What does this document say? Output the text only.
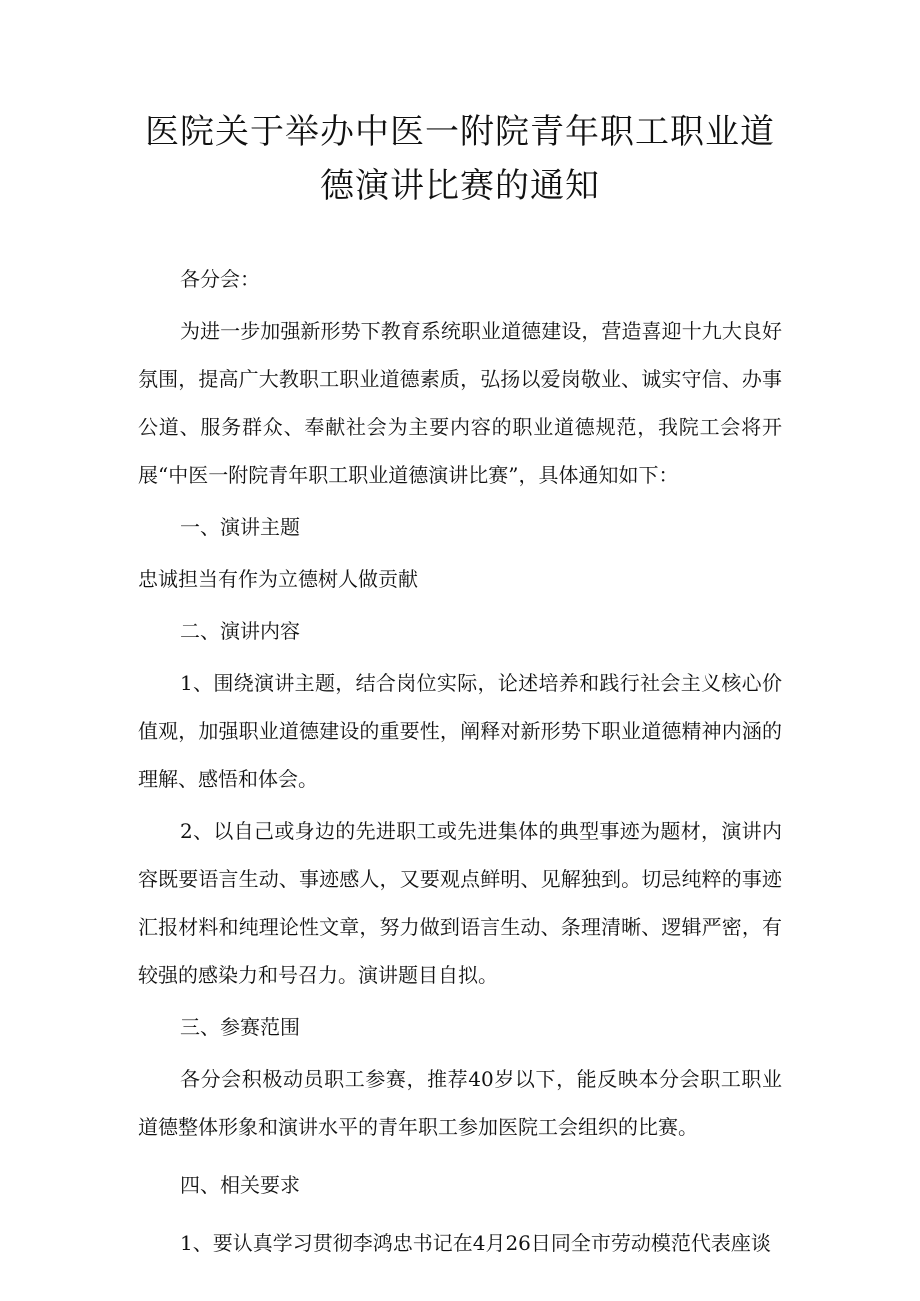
医院关于举办中医一附院青年职工职业道
德演讲比赛的通知

各分会：

为进一步加强新形势下教育系统职业道德建设，营造喜迎十九大良好氛围，提高广大教职工职业道德素质，弘扬以爱岗敬业、诚实守信、办事公道、服务群众、奉献社会为主要内容的职业道德规范，我院工会将开展“中医一附院青年职工职业道德演讲比赛”，具体通知如下：

一、演讲主题

忠诚担当有作为立德树人做贡献

二、演讲内容

1、围绕演讲主题，结合岗位实际，论述培养和践行社会主义核心价值观，加强职业道德建设的重要性，阐释对新形势下职业道德精神内涵的理解、感悟和体会。

2、以自己或身边的先进职工或先进集体的典型事迹为题材，演讲内容既要语言生动、事迹感人，又要观点鲜明、见解独到。切忌纯粹的事迹汇报材料和纯理论性文章，努力做到语言生动、条理清晰、逻辑严密，有较强的感染力和号召力。演讲题目自拟。

三、参赛范围

各分会积极动员职工参赛，推荐40岁以下，能反映本分会职工职业道德整体形象和演讲水平的青年职工参加医院工会组织的比赛。

四、相关要求

1、要认真学习贯彻李鸿忠书记在4月26日同全市劳动模范代表座谈
